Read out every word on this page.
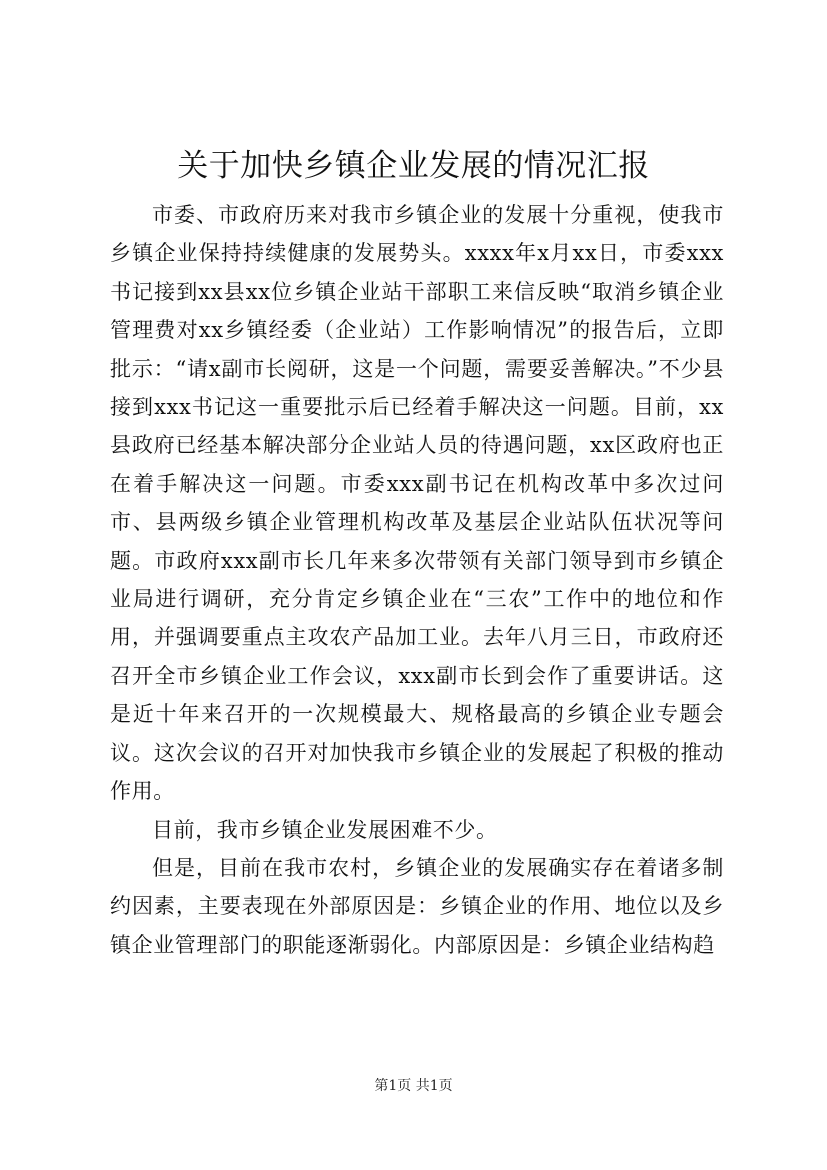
关于加快乡镇企业发展的情况汇报

市委、市政府历来对我市乡镇企业的发展十分重视，使我市乡镇企业保持持续健康的发展势头。xxxx年x月xx日，市委xxx书记接到xx县xx位乡镇企业站干部职工来信反映“取消乡镇企业管理费对xx乡镇经委（企业站）工作影响情况”的报告后，立即批示：“请x副市长阅研，这是一个问题，需要妥善解决。”不少县接到xxx书记这一重要批示后已经着手解决这一问题。目前，xx县政府已经基本解决部分企业站人员的待遇问题，xx区政府也正在着手解决这一问题。市委xxx副书记在机构改革中多次过问市、县两级乡镇企业管理机构改革及基层企业站队伍状况等问题。市政府xxx副市长几年来多次带领有关部门领导到市乡镇企业局进行调研，充分肯定乡镇企业在“三农”工作中的地位和作用，并强调要重点主攻农产品加工业。去年八月三日，市政府还召开全市乡镇企业工作会议，xxx副市长到会作了重要讲话。这是近十年来召开的一次规模最大、规格最高的乡镇企业专题会议。这次会议的召开对加快我市乡镇企业的发展起了积极的推动作用。

目前，我市乡镇企业发展困难不少。

但是，目前在我市农村，乡镇企业的发展确实存在着诸多制约因素，主要表现在外部原因是：乡镇企业的作用、地位以及乡镇企业管理部门的职能逐渐弱化。内部原因是：乡镇企业结构趋

第1页 共1页
